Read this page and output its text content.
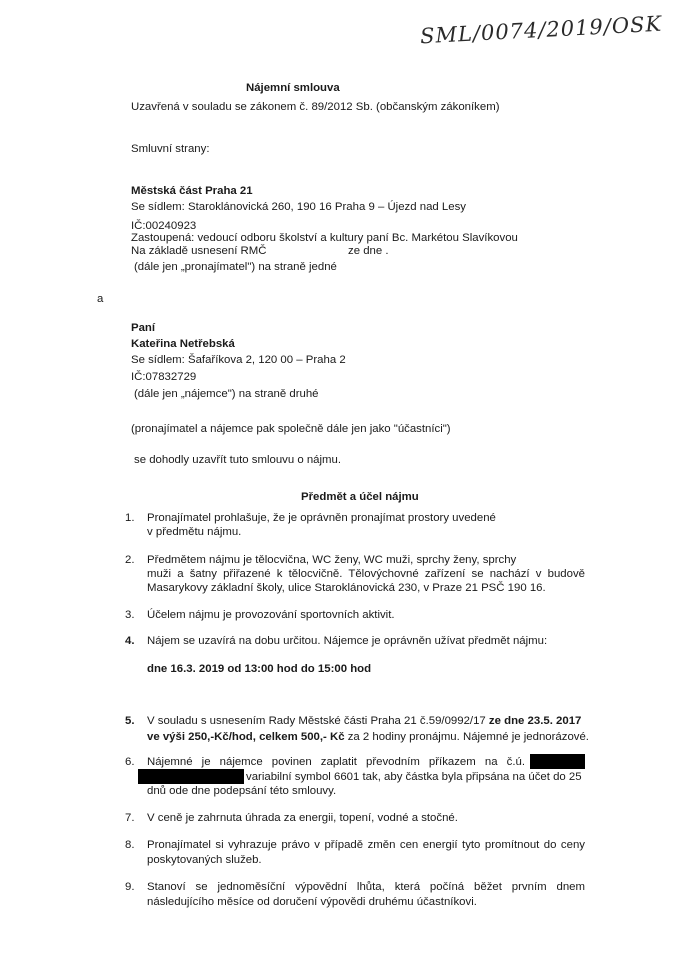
SML/0074/2019/OSK
Nájemní smlouva
Uzavřená v souladu se zákonem č. 89/2012 Sb. (občanským zákoníkem)
Smluvní strany:
Městská část Praha 21
Se sídlem: Staroklánovická 260, 190 16 Praha 9 – Újezd nad Lesy
IČ:00240923
Zastoupená: vedoucí odboru školství a kultury paní Bc. Markétou Slavíkovou
Na základě usnesení RMČ	ze dne .
(dále jen „pronajímatel") na straně jedné
a
Paní
Kateřina Netřebská
Se sídlem: Šafaříkova 2, 120 00 – Praha 2
IČ:07832729
(dále jen „nájemce") na straně druhé
(pronajímatel a nájemce pak společně dále jen jako "účastníci")
se dohodly uzavřít tuto smlouvu o nájmu.
Předmět a účel nájmu
1.	Pronajímatel prohlašuje, že je oprávněn pronajímat prostory uvedené
v předmětu nájmu.
2.	Předmětem nájmu je tělocvična, WC ženy, WC muži, sprchy ženy, sprchy
muži a šatny přiřazené k tělocvičně. Tělovýchovné zařízení se nachází v budově
Masarykovy základní školy, ulice Staroklánovická 230, v Praze 21 PSČ 190 16.
3.	Účelem nájmu je provozování sportovních aktivit.
4.	Nájem se uzavírá na dobu určitou. Nájemce je oprávněn užívat předmět nájmu:
dne 16.3. 2019 od 13:00 hod do 15:00 hod
5.	V souladu s usnesením Rady Městské části Praha 21 č.59/0992/17 ze dne 23.5. 2017
ve výši 250,-Kč/hod, celkem 500,- Kč za 2 hodiny pronájmu. Nájemné je jednorázové.
6.	Nájemné je nájemce povinen zaplatit převodním příkazem na č.ú.
variabilní symbol 6601 tak, aby částka byla připsána na účet do 25
dnů ode dne podepsání této smlouvy.
7.	V ceně je zahrnuta úhrada za energii, topení, vodné a stočné.
8.	Pronajímatel si vyhrazuje právo v případě změn cen energií tyto promítnout do ceny
poskytovaných služeb.
9.	Stanoví se jednoměsíční výpovědní lhůta, která počíná běžet prvním dnem
následujícího měsíce od doručení výpovědi druhému účastníkovi.
